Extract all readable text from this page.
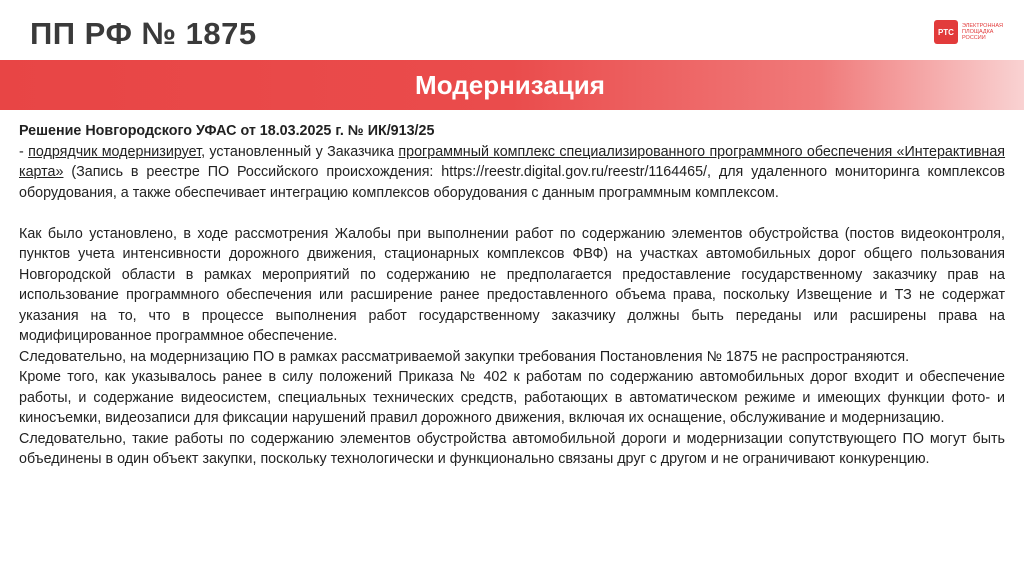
ПП РФ № 1875	РТС
ЭЛЕКТРОННАЯ ПЛОЩАДКА РОССИИ
Модернизация

Решение Новгородского УФАС от 18.03.2025 г. № ИК/913/25

- подрядчик модернизирует, установленный у Заказчика программный комплекс специализированного программного обеспечения «Интерактивная карта» (Запись в реестре ПО Российского происхождения: https://reestr.digital.gov.ru/reestr/1164465/, для удаленного мониторинга комплексов оборудования, а также обеспечивает интеграцию комплексов оборудования с данным программным комплексом.

Как было установлено, в ходе рассмотрения Жалобы при выполнении работ по содержанию элементов обустройства (постов видеоконтроля, пунктов учета интенсивности дорожного движения, стационарных комплексов ФВФ) на участках автомобильных дорог общего пользования Новгородской области в рамках мероприятий по содержанию не предполагается предоставление государственному заказчику прав на использование программного обеспечения или расширение ранее предоставленного объема права, поскольку Извещение и ТЗ не содержат указания на то, что в процессе выполнения работ государственному заказчику должны быть переданы или расширены права на модифицированное программное обеспечение.

Следовательно, на модернизацию ПО в рамках рассматриваемой закупки требования Постановления № 1875 не распространяются.

Кроме того, как указывалось ранее в силу положений Приказа № 402 к работам по содержанию автомобильных дорог входит и обеспечение работы, и содержание видеосистем, специальных технических средств, работающих в автоматическом режиме и имеющих функции фото- и киносъемки, видеозаписи для фиксации нарушений правил дорожного движения, включая их оснащение, обслуживание и модернизацию.

Следовательно, такие работы по содержанию элементов обустройства автомобильной дороги и модернизации сопутствующего ПО могут быть объединены в один объект закупки, поскольку технологически и функционально связаны друг с другом и не ограничивают конкуренцию.
